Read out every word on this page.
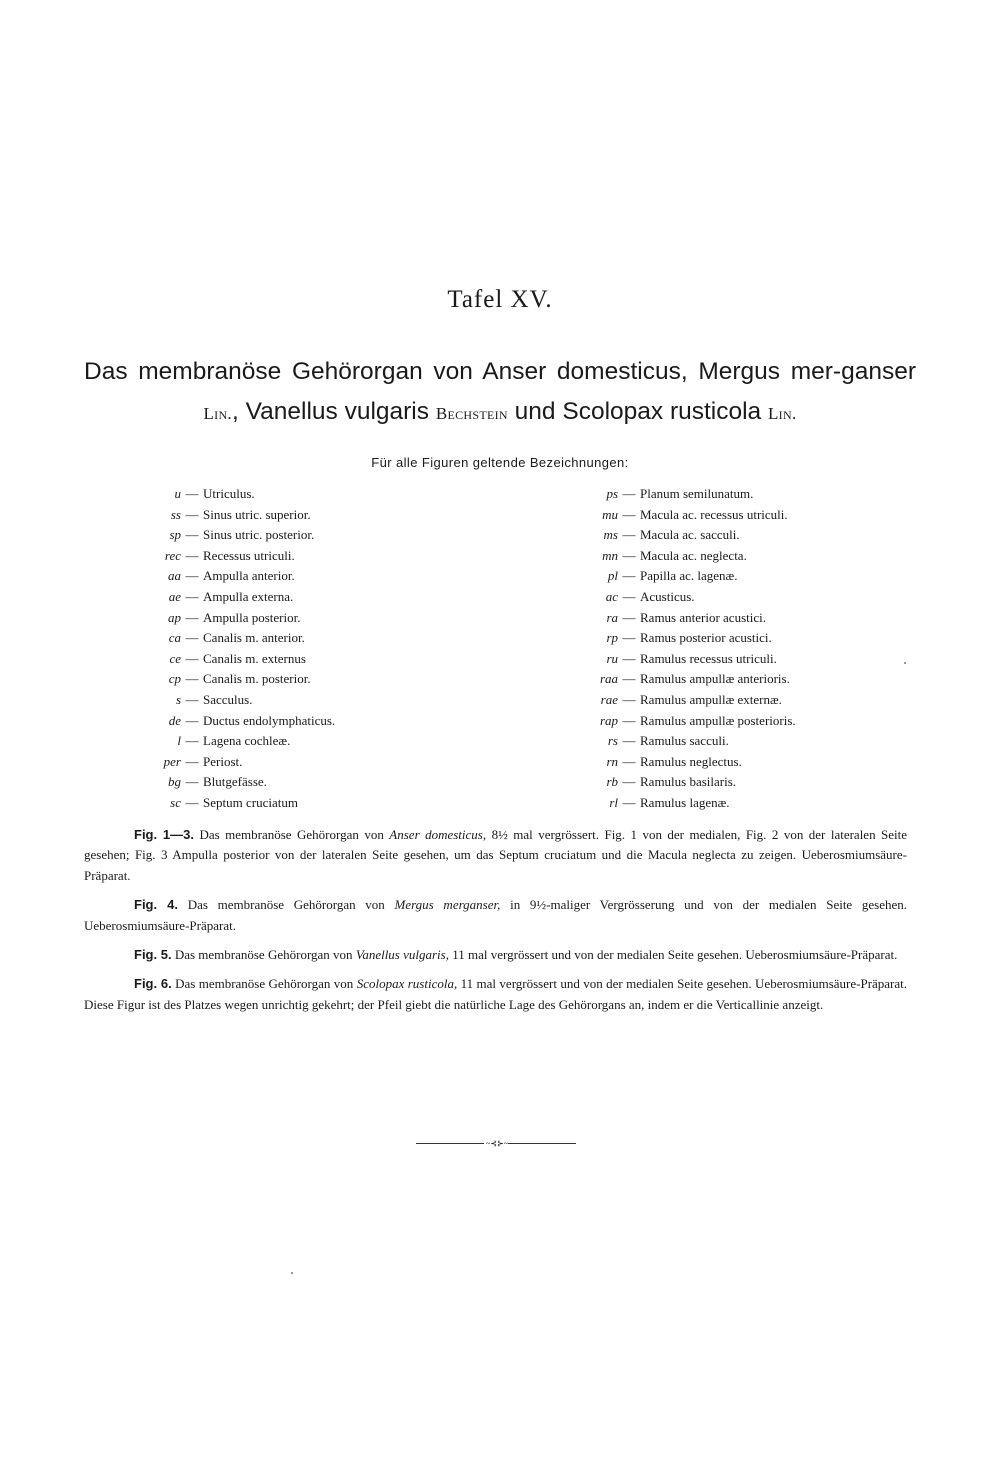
Tafel XV.
Das membranöse Gehörorgan von Anser domesticus, Mergus mer-ganser Lin., Vanellus vulgaris Bechstein und Scolopax rusticola Lin.
Für alle Figuren geltende Bezeichnungen:
u — Utriculus.
ss — Sinus utric. superior.
sp — Sinus utric. posterior.
rec — Recessus utriculi.
aa — Ampulla anterior.
ae — Ampulla externa.
ap — Ampulla posterior.
ca — Canalis m. anterior.
ce — Canalis m. externus
cp — Canalis m. posterior.
s — Sacculus.
de — Ductus endolymphaticus.
l — Lagena cochleæ.
per — Periost.
bg — Blutgefässe.
sc — Septum cruciatum
ps — Planum semilunatum.
mu — Macula ac. recessus utriculi.
ms — Macula ac. sacculi.
mn — Macula ac. neglecta.
pl — Papilla ac. lagenæ.
ac — Acusticus.
ra — Ramus anterior acustici.
rp — Ramus posterior acustici.
ru — Ramulus recessus utriculi.
raa — Ramulus ampullæ anterioris.
rae — Ramulus ampullæ externæ.
rap — Ramulus ampullæ posterioris.
rs — Ramulus sacculi.
rn — Ramulus neglectus.
rb — Ramulus basilaris.
rl — Ramulus lagenæ.

Fig. 1—3. Das membranöse Gehörorgan von Anser domesticus, 8½ mal vergrössert. Fig. 1 von der medialen, Fig. 2 von der lateralen Seite gesehen; Fig. 3 Ampulla posterior von der lateralen Seite gesehen, um das Septum cruciatum und die Macula neglecta zu zeigen. Ueberosmiumsäure-Präparat.

Fig. 4. Das membranöse Gehörorgan von Mergus merganser, in 9½-maliger Vergrösserung und von der medialen Seite gesehen. Ueberosmiumsäure-Präparat.

Fig. 5. Das membranöse Gehörorgan von Vanellus vulgaris, 11 mal vergrössert und von der medialen Seite gesehen. Ueberosmiumsäure-Präparat.

Fig. 6. Das membranöse Gehörorgan von Scolopax rusticola, 11 mal vergrössert und von der medialen Seite gesehen. Ueberosmiumsäure-Präparat. Diese Figur ist des Platzes wegen unrichtig gekehrt; der Pfeil giebt die natürliche Lage des Gehörorgans an, indem er die Verticallinie anzeigt.

~⊰⊱~
